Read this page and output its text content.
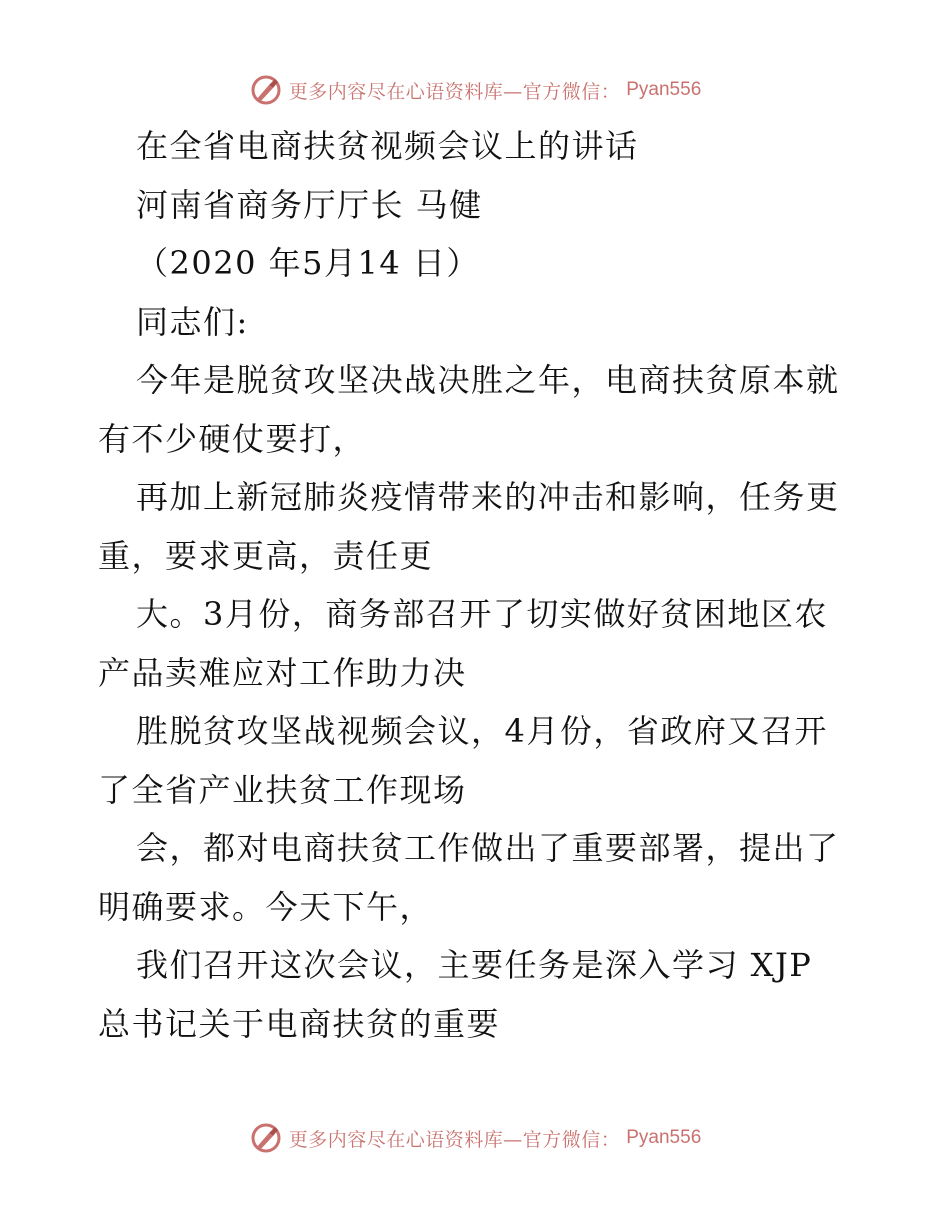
更多内容尽在心语资料库—官方微信： Pyan556
在全省电商扶贫视频会议上的讲话
河南省商务厅厅长 马健
（2020 年5月14 日）
同志们:
今年是脱贫攻坚决战决胜之年，电商扶贫原本就
有不少硬仗要打，
再加上新冠肺炎疫情带来的冲击和影响，任务更
重，要求更高，责任更
大。3月份，商务部召开了切实做好贫困地区农
产品卖难应对工作助力决
胜脱贫攻坚战视频会议，4月份，省政府又召开
了全省产业扶贫工作现场
会，都对电商扶贫工作做出了重要部署，提出了
明确要求。今天下午，
我们召开这次会议，主要任务是深入学习 XJP
总书记关于电商扶贫的重要
更多内容尽在心语资料库—官方微信： Pyan556
